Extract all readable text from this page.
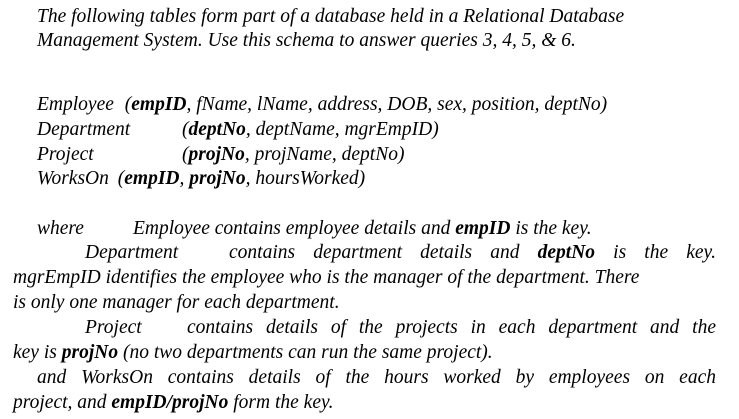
The following tables form part of a database held in a Relational Database
Management System. Use this schema to answer queries 3, 4, 5, & 6.
Employee (empID, fName, lName, address, DOB, sex, position, deptNo)
Department	(deptNo, deptName, mgrEmpID)
Project	(projNo, projName, deptNo)
WorksOn (empID, projNo, hoursWorked)
where	Employee contains employee details and empID is the key.
Department	contains department details and deptNo is the key.
mgrEmpID identifies the employee who is the manager of the department. There
is only one manager for each department.
Project contains details of the projects in each department and the
key is projNo (no two departments can run the same project).
and WorksOn contains details of the hours worked by employees on each
project, and empID/projNo form the key.
